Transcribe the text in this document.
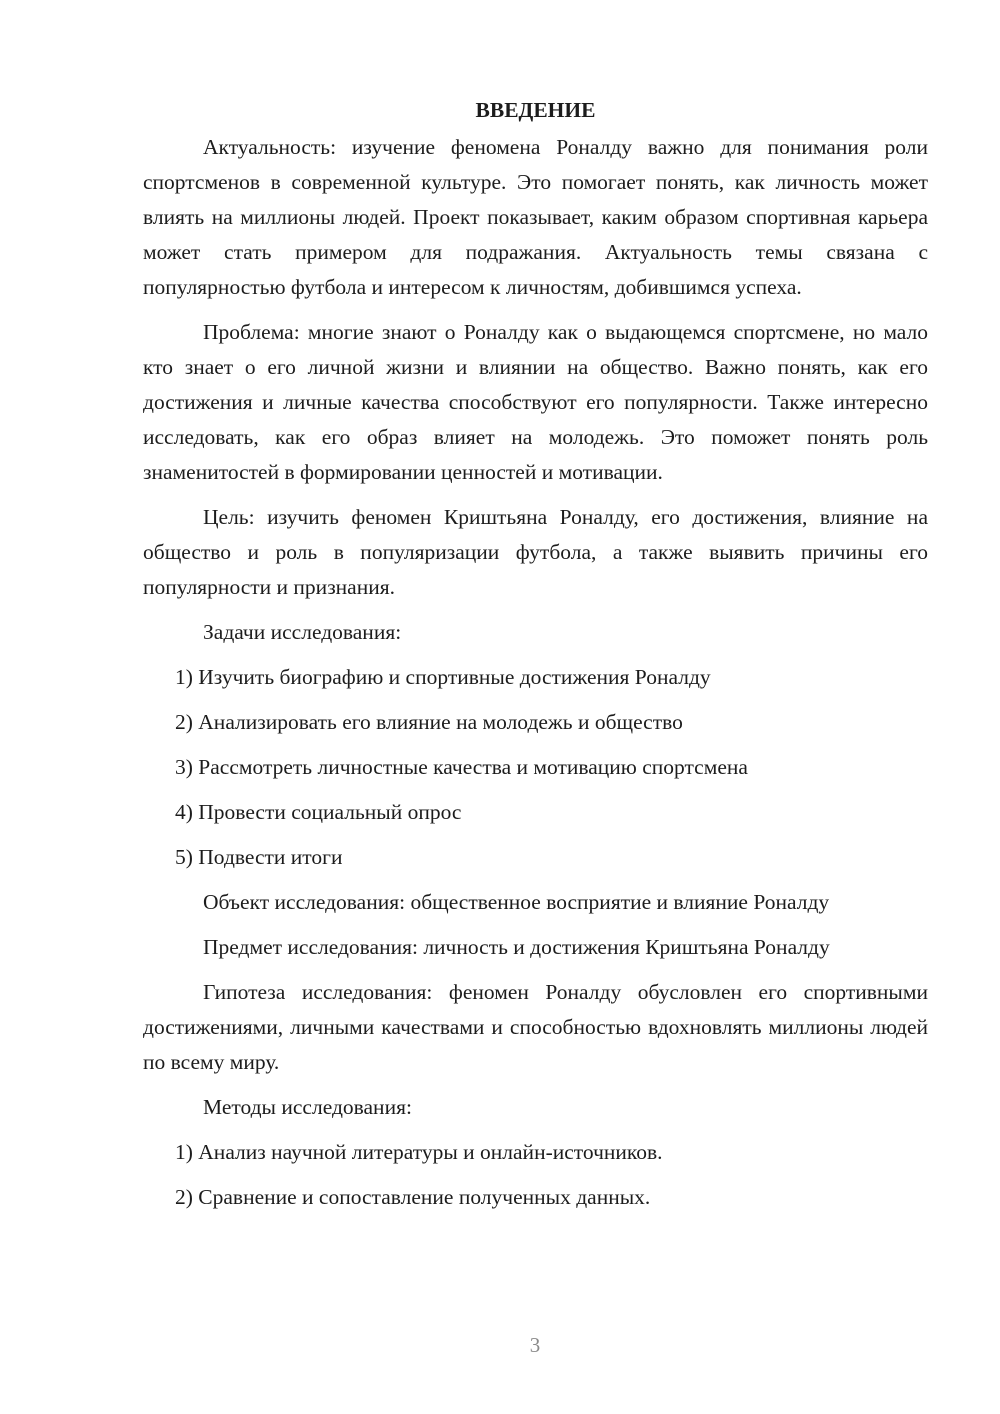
ВВЕДЕНИЕ

Актуальность: изучение феномена Роналду важно для понимания роли спортсменов в современной культуре. Это помогает понять, как личность может влиять на миллионы людей. Проект показывает, каким образом спортивная карьера может стать примером для подражания. Актуальность темы связана с популярностью футбола и интересом к личностям, добившимся успеха.

Проблема: многие знают о Роналду как о выдающемся спортсмене, но мало кто знает о его личной жизни и влиянии на общество. Важно понять, как его достижения и личные качества способствуют его популярности. Также интересно исследовать, как его образ влияет на молодежь. Это поможет понять роль знаменитостей в формировании ценностей и мотивации.

Цель: изучить феномен Криштьяна Роналду, его достижения, влияние на общество и роль в популяризации футбола, а также выявить причины его популярности и признания.

Задачи исследования:
1) Изучить биографию и спортивные достижения Роналду
2) Анализировать его влияние на молодежь и общество
3) Рассмотреть личностные качества и мотивацию спортсмена
4) Провести социальный опрос
5) Подвести итоги
Объект исследования: общественное восприятие и влияние Роналду
Предмет исследования: личность и достижения Криштьяна Роналду

Гипотеза исследования: феномен Роналду обусловлен его спортивными достижениями, личными качествами и способностью вдохновлять миллионы людей по всему миру.

Методы исследования:
1) Анализ научной литературы и онлайн-источников.
2) Сравнение и сопоставление полученных данных.
3
